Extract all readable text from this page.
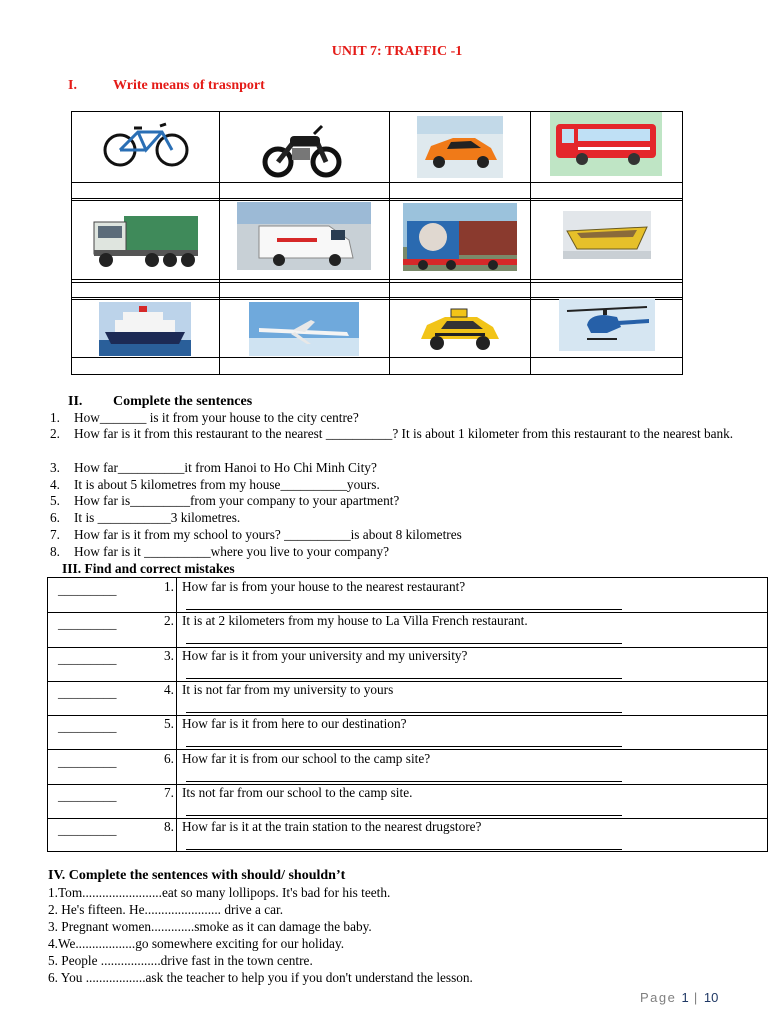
UNIT 7: TRAFFIC -1
I.	Write means of trasnport
II. Complete the sentences
1. How_______ is it from your house to the city centre?
2. How far is it from this restaurant to the nearest __________? It is about 1 kilometer from this restaurant to the nearest bank.
3. How far__________it from Hanoi to Ho Chi Minh City?
4. It is about 5 kilometres from my house__________yours.
5. How far is_________from your company to your apartment?
6. It is ___________3 kilometres.
7. How far is it from my school to yours? __________is about 8 kilometres
8. How far is it __________where you live to your company?
III. Find and correct mistakes
_________	1. How far is from your house to the nearest restaurant?
_________	2. It is at 2 kilometers from my house to La Villa French restaurant.
_________	3. How far is it from your university and my university?
_________	4. It is not far from my university to yours
_________	5. How far is it from here to our destination?
_________	6. How far it is from our school to the camp site?
_________	7. Its not far from our school to the camp site.
_________	8. How far is it at the train station to the nearest drugstore?
IV. Complete the sentences with should/ shouldn’t
1.Tom........................eat so many lollipops. It's bad for his teeth.
2. He's fifteen. He....................... drive a car.
3. Pregnant women.............smoke as it can damage the baby.
4.We..................go somewhere exciting for our holiday.
5. People ..................drive fast in the town centre.
6. You ..................ask the teacher to help you if you don't understand the lesson.
Page 1 | 10
